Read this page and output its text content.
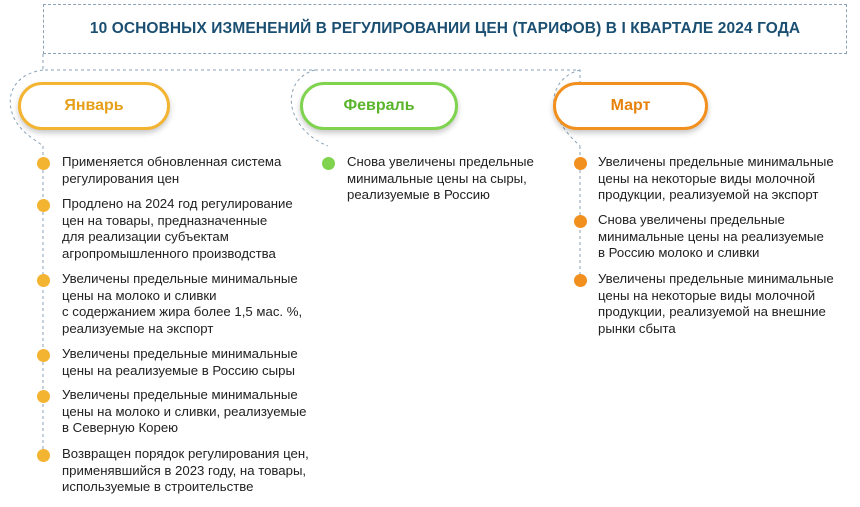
10 ОСНОВНЫХ ИЗМЕНЕНИЙ В РЕГУЛИРОВАНИИ ЦЕН (ТАРИФОВ) В I КВАРТАЛЕ 2024 ГОДА
Январь	Февраль	Март
Применяется обновленная система
регулирования цен
Продлено на 2024 год регулирование
цен на товары, предназначенные
для реализации субъектам
агропромышленного производства
Увеличены предельные минимальные
цены на молоко и сливки
с содержанием жира более 1,5 мас. %,
реализуемые на экспорт
Увеличены предельные минимальные
цены на реализуемые в Россию сыры
Увеличены предельные минимальные
цены на молоко и сливки, реализуемые
в Северную Корею
Возвращен порядок регулирования цен,
применявшийся в 2023 году, на товары,
используемые в строительстве
Снова увеличены предельные
минимальные цены на сыры,
реализуемые в Россию
Увеличены предельные минимальные
цены на некоторые виды молочной
продукции, реализуемой на экспорт
Снова увеличены предельные
минимальные цены на реализуемые
в Россию молоко и сливки
Увеличены предельные минимальные
цены на некоторые виды молочной
продукции, реализуемой на внешние
рынки сбыта
